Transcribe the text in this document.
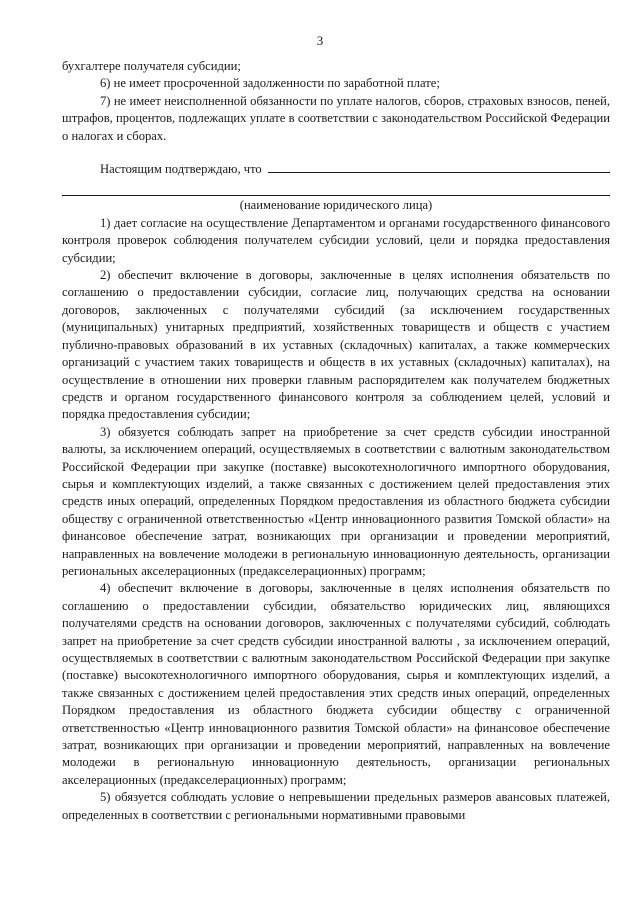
3

бухгалтере получателя субсидии;

6) не имеет просроченной задолженности по заработной плате;

7) не имеет неисполненной обязанности по уплате налогов, сборов, страховых взносов, пеней, штрафов, процентов, подлежащих уплате в соответствии с законодательством Российской Федерации о налогах и сборах.

Настоящим подтверждаю, что

(наименование юридического лица)

1) дает согласие на осуществление Департаментом и органами государственного финансового контроля проверок соблюдения получателем субсидии условий, цели и порядка предоставления субсидии;

2) обеспечит включение в договоры, заключенные в целях исполнения обязательств по соглашению о предоставлении субсидии, согласие лиц, получающих средства на основании договоров, заключенных с получателями субсидий (за исключением государственных (муниципальных) унитарных предприятий, хозяйственных товариществ и обществ с участием публично-правовых образований в их уставных (складочных) капиталах, а также коммерческих организаций с участием таких товариществ и обществ в их уставных (складочных) капиталах), на осуществление в отношении них проверки главным распорядителем как получателем бюджетных средств и органом государственного финансового контроля за соблюдением целей, условий и порядка предоставления субсидии;

3) обязуется соблюдать запрет на приобретение за счет средств субсидии иностранной валюты, за исключением операций, осуществляемых в соответствии с валютным законодательством Российской Федерации при закупке (поставке) высокотехнологичного импортного оборудования, сырья и комплектующих изделий, а также связанных с достижением целей предоставления этих средств иных операций, определенных Порядком предоставления из областного бюджета субсидии обществу с ограниченной ответственностью «Центр инновационного развития Томской области» на финансовое обеспечение затрат, возникающих при организации и проведении мероприятий, направленных на вовлечение молодежи в региональную инновационную деятельность, организации региональных акселерационных (предакселерационных) программ;

4) обеспечит включение в договоры, заключенные в целях исполнения обязательств по соглашению о предоставлении субсидии, обязательство юридических лиц, являющихся получателями средств на основании договоров, заключенных с получателями субсидий, соблюдать запрет на приобретение за счет средств субсидии иностранной валюты , за исключением операций, осуществляемых в соответствии с валютным законодательством Российской Федерации при закупке (поставке) высокотехнологичного импортного оборудования, сырья и комплектующих изделий, а также связанных с достижением целей предоставления этих средств иных операций, определенных Порядком предоставления из областного бюджета субсидии обществу с ограниченной ответственностью «Центр инновационного развития Томской области» на финансовое обеспечение затрат, возникающих при организации и проведении мероприятий, направленных на вовлечение молодежи в региональную инновационную деятельность, организации региональных акселерационных (предакселерационных) программ;

5) обязуется соблюдать условие о непревышении предельных размеров авансовых платежей, определенных в соответствии с региональными нормативными правовыми
